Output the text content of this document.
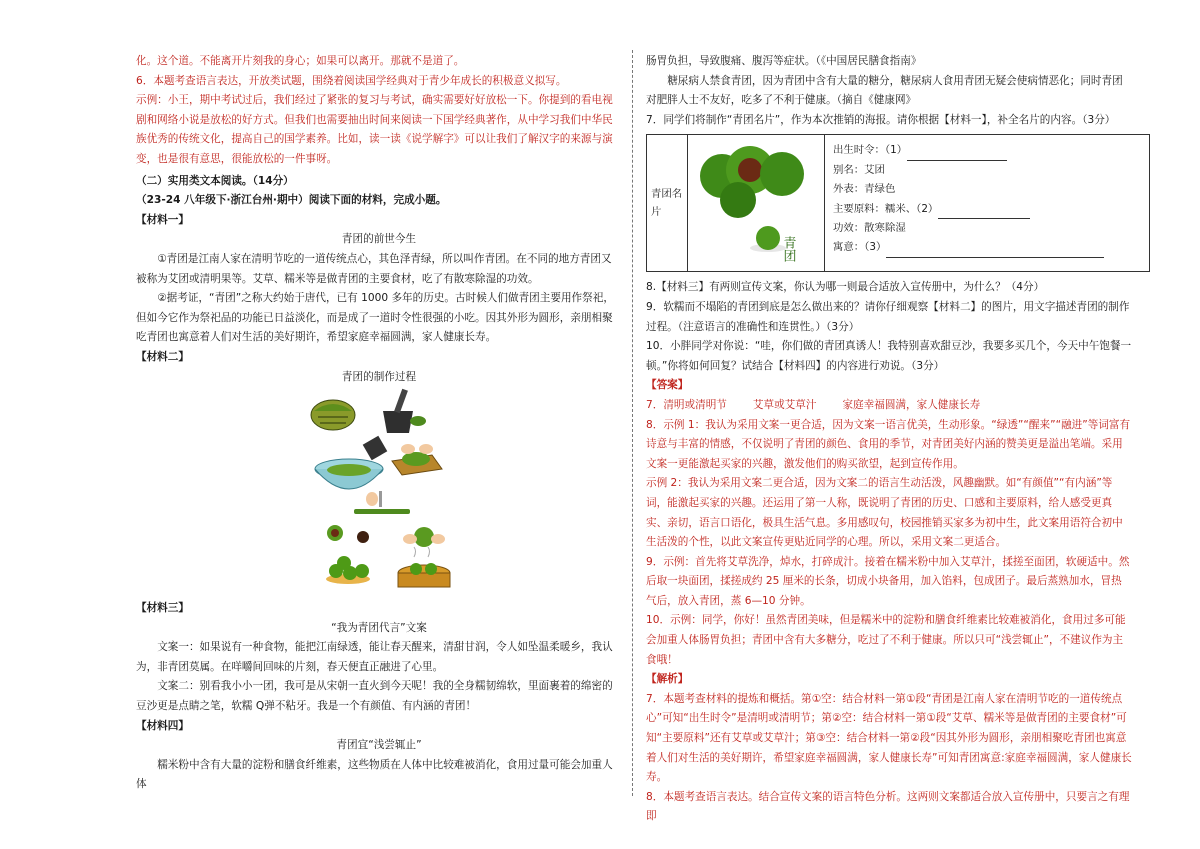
化。这个道。不能离开片刻我的身心；如果可以离开。那就不是道了。

6．本题考查语言表达，开放类试题，围绕着阅读国学经典对于青少年成长的积极意义拟写。

示例：小王，期中考试过后，我们经过了紧张的复习与考试，确实需要好好放松一下。你提到的看电视剧和网络小说是放松的好方式。但我们也需要抽出时间来阅读一下国学经典著作，从中学习我们中华民族优秀的传统文化，提高自己的国学素养。比如，读一读《说学解字》可以让我们了解汉字的来源与演变，也是很有意思，很能放松的一件事呀。

（二）实用类文本阅读。（14分）

（23-24 八年级下·浙江台州·期中）阅读下面的材料，完成小题。

【材料一】

青团的前世今生

①青团是江南人家在清明节吃的一道传统点心，其色泽青绿，所以叫作青团。在不同的地方青团又被称为艾团或清明果等。艾草、糯米等是做青团的主要食材，吃了有散寒除湿的功效。

②据考证，“青团”之称大约始于唐代，已有 1000 多年的历史。古时候人们做青团主要用作祭祀，但如今它作为祭祀品的功能已日益淡化，而是成了一道时令性很强的小吃。因其外形为圆形，亲朋相聚吃青团也寓意着人们对生活的美好期许，希望家庭幸福圆满，家人健康长寿。

【材料二】

青团的制作过程

【材料三】

“我为青团代言”文案

文案一：如果说有一种食物，能把江南绿透，能让春天醒来，清甜甘润，令人如坠温柔暖乡，我认为，非青团莫属。在咩嚼间回味的片刻，春天便直正融进了心里。

文案二：别看我小小一团，我可是从宋朝一直火到今天呢！我的全身糯韧绵软，里面裹着的绵密的豆沙更是点睛之笔，软糯 Q弹不粘牙。我是一个有颜值、有内涵的青团！

【材料四】

青团宜“浅尝辄止”

糯米粉中含有大量的淀粉和膳食纤维素，这些物质在人体中比较难被消化，食用过量可能会加重人体

肠胃负担，导致腹痛、腹泻等症状。（《中国居民膳食指南》

糖尿病人禁食青团，因为青团中含有大量的糖分，糖尿病人食用青团无疑会使病情恶化；同时青团对肥胖人士不友好，吃多了不利于健康。（摘自《健康网》

7．同学们将制作“青团名片”，作为本次推销的海报。请你根据【材料一】，补全名片的内容。（3分）

青团名片
青团

出生时令：（1）

别名：艾团

外表：青绿色

主要原料：糯米、（2）

功效：散寒除湿

寓意：（3）

8.【材料三】有两则宣传文案，你认为哪一则最合适放入宣传册中，为什么？（4分）

9．软糯而不塌陷的青团到底是怎么做出来的？请你仔细观察【材料二】的图片，用文字描述青团的制作过程。（注意语言的准确性和连贯性。）（3分）

10．小胖同学对你说：“哇，你们做的青团真诱人！我特别喜欢甜豆沙，我要多买几个，今天中午饱餐一顿。”你将如何回复？试结合【材料四】的内容进行劝说。（3分）

【答案】

7．清明或清明节 艾草或艾草汁 家庭幸福圆满，家人健康长寿

8．示例 1：我认为采用文案一更合适，因为文案一语言优美，生动形象。“绿透”“醒来”“融进”等词富有诗意与丰富的情感，不仅说明了青团的颜色、食用的季节，对青团美好内涵的赞美更是溢出笔端。采用文案一更能激起买家的兴趣，激发他们的购买欲望，起到宣传作用。

示例 2：我认为采用文案二更合适，因为文案二的语言生动活泼，风趣幽默。如“有颜值”“有内涵”等词，能激起买家的兴趣。还运用了第一人称，既说明了青团的历史、口感和主要原料，给人感受更真实、亲切，语言口语化，极具生活气息。多用感叹句，校园推销买家多为初中生，此文案用语符合初中生活泼的个性，以此文案宣传更贴近同学的心理。所以，采用文案二更适合。

9．示例：首先将艾草洗净，焯水，打碎成汁。接着在糯米粉中加入艾草汁，揉搓至面团，软硬适中。然后取一块面团，揉搓成约 25 厘米的长条，切成小块备用，加入馅料，包成团子。最后蒸熟加水，冒热气后，放入青团，蒸 6—10 分钟。

10．示例：同学，你好！虽然青团美味，但是糯米中的淀粉和膳食纤维素比较难被消化，食用过多可能会加重人体肠胃负担；青团中含有大多糖分，吃过了不利于健康。所以只可“浅尝辄止”，不建议作为主食哦！

【解析】

7．本题考查材料的提炼和概括。第①空：结合材料一第①段“青团是江南人家在清明节吃的一道传统点心”可知“出生时令”是清明或清明节；第②空：结合材料一第①段“艾草、糯米等是做青团的主要食材”可知“主要原料”还有艾草或艾草汁；第③空：结合材料一第②段“因其外形为圆形，亲朋相聚吃青团也寓意着人们对生活的美好期许，希望家庭幸福圆满，家人健康长寿”可知青团寓意:家庭幸福圆满，家人健康长寿。

8．本题考查语言表达。结合宣传文案的语言特色分析。这两则文案都适合放入宣传册中，只要言之有理即
